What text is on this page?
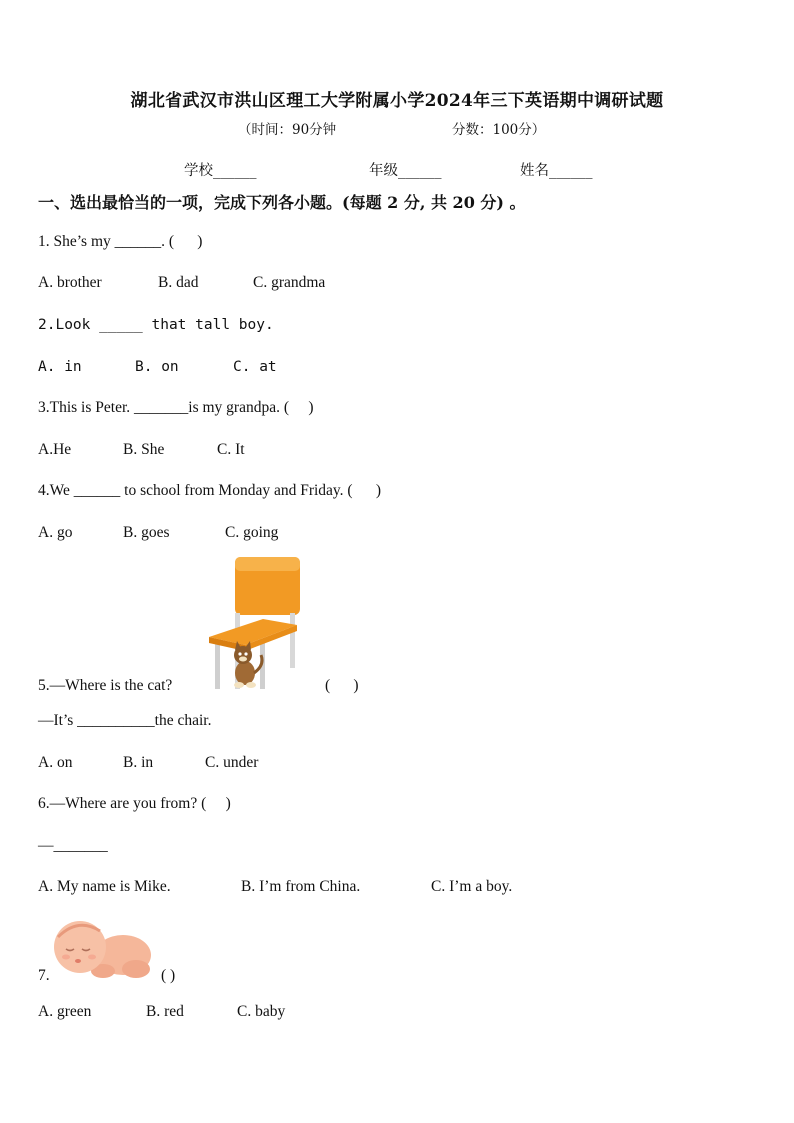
湖北省武汉市洪山区理工大学附属小学2024年三下英语期中调研试题
（时间：90分钟	分数：100分）
学校______	年级______	姓名______
一、选出最恰当的一项，完成下列各小题。(每题 2 分, 共 20 分) 。
1. She’s my ______. (      )
A. brother	B. dad	C. grandma
2.Look _____ that tall boy.
A. in	B. on	C. at
3.This is Peter. _______is my grandpa. (     )
A.He	B. She	C. It
4.We ______ to school from Monday and Friday. (      )
A. go	B. goes	C. going
5.—Where is the cat?	(      )
—It’s __________the chair.
A. on	B. in	C. under
6.—Where are you from? (     )
—_______
A. My name is Mike.	B. I’m from China.	C. I’m a boy.
7.	( )
A. green	B. red	C. baby
